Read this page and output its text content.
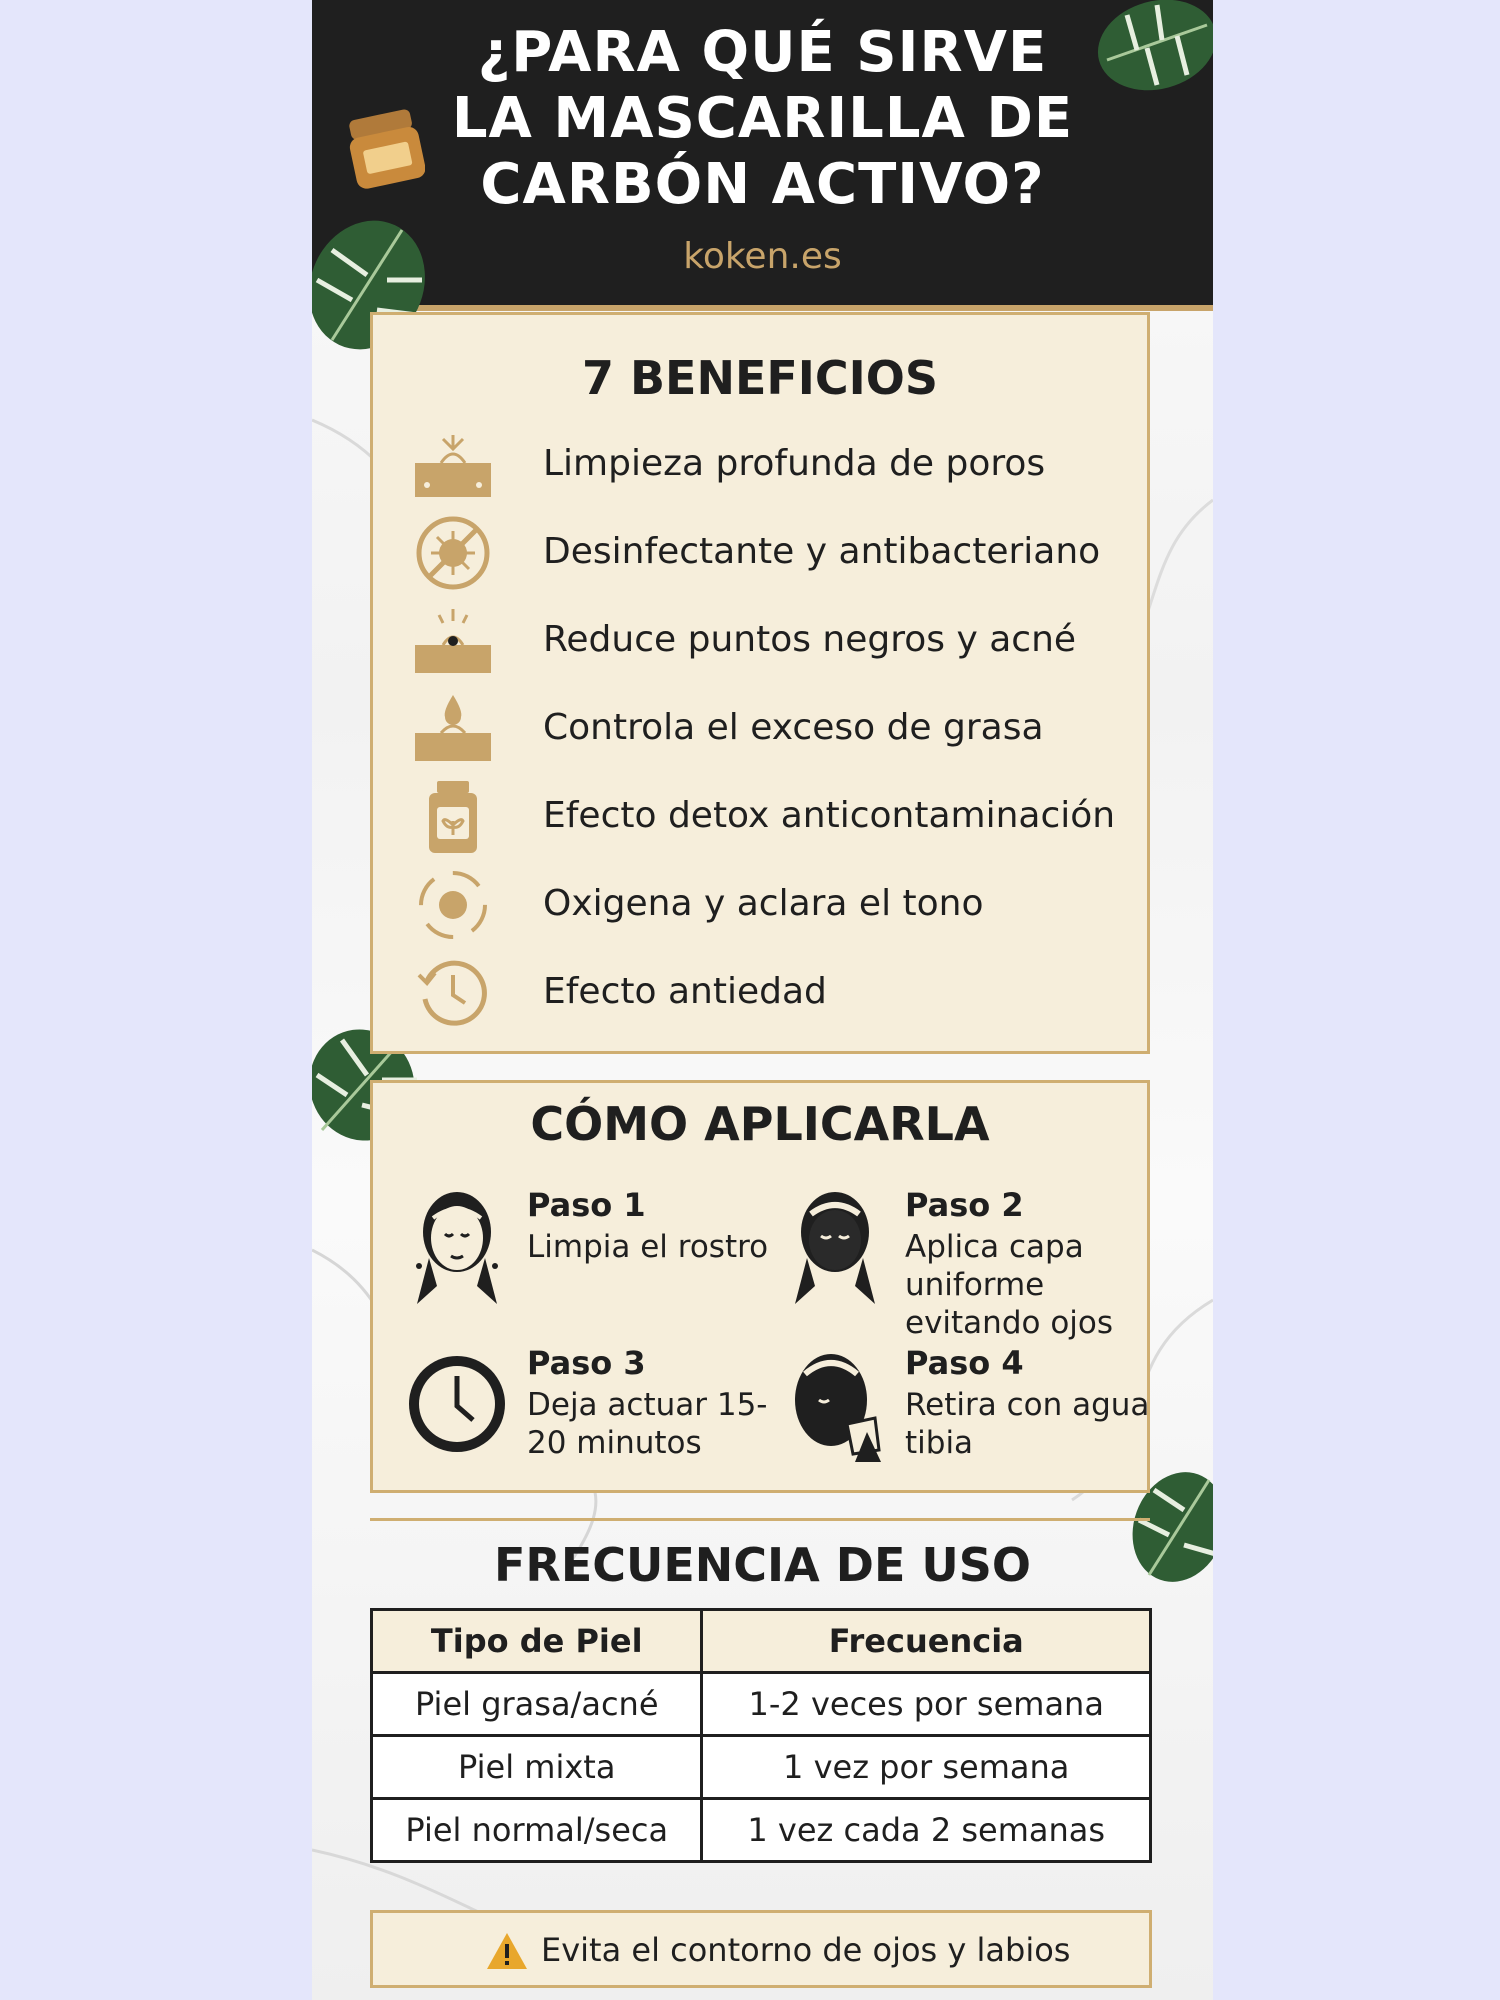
¿PARA QUÉ SIRVE
LA MASCARILLA DE
CARBÓN ACTIVO?
koken.es
7 BENEFICIOS
Limpieza profunda de poros
Desinfectante y antibacteriano
Reduce puntos negros y acné
Controla el exceso de grasa
Efecto detox anticontaminación
Oxigena y aclara el tono
Efecto antiedad
CÓMO APLICARLA
Paso 1
Limpia el rostro
Paso 2
Aplica capa uniforme evitando ojos
Paso 3
Deja actuar 15-20 minutos
Paso 4
Retira con agua tibia
FRECUENCIA DE USO
Tipo de Piel	Frecuencia
Piel grasa/acné	1-2 veces por semana
Piel mixta	1 vez por semana
Piel normal/seca	1 vez cada 2 semanas
Evita el contorno de ojos y labios
